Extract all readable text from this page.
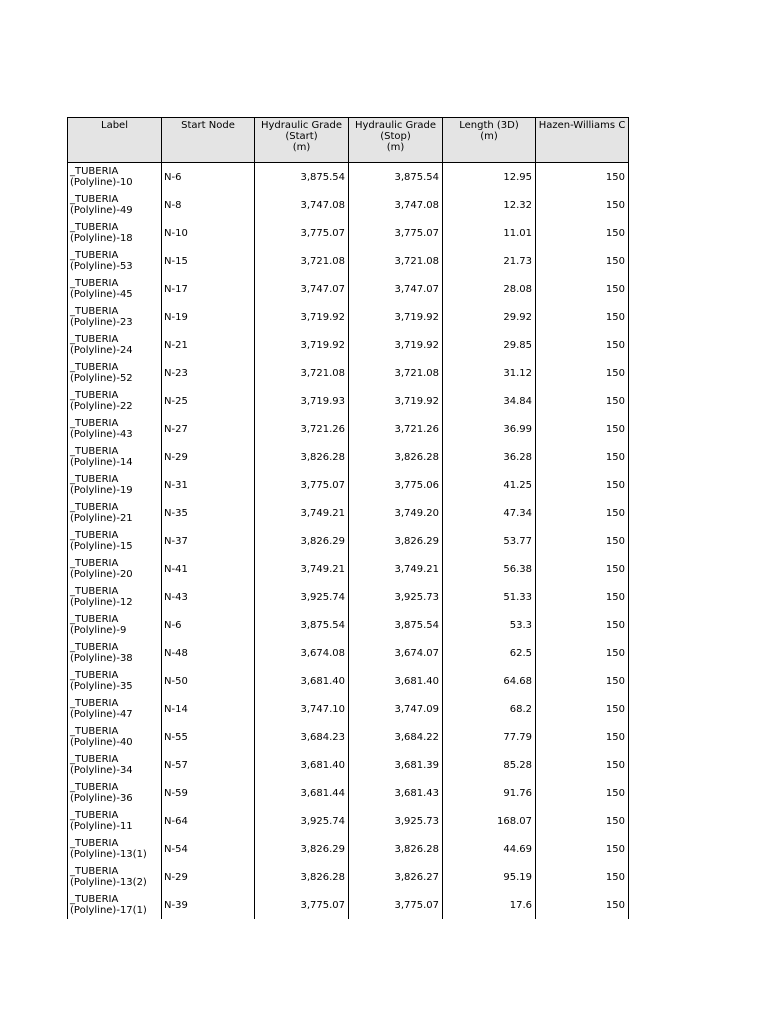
Label	Start Node	Hydraulic Grade
(Start)
(m)	Hydraulic Grade
(Stop)
(m)	Length (3D)
(m)	Hazen-Williams C
_TUBERIA
(Polyline)-10	N-6	3,875.54	3,875.54	12.95	150
_TUBERIA
(Polyline)-49	N-8	3,747.08	3,747.08	12.32	150
_TUBERIA
(Polyline)-18	N-10	3,775.07	3,775.07	11.01	150
_TUBERIA
(Polyline)-53	N-15	3,721.08	3,721.08	21.73	150
_TUBERIA
(Polyline)-45	N-17	3,747.07	3,747.07	28.08	150
_TUBERIA
(Polyline)-23	N-19	3,719.92	3,719.92	29.92	150
_TUBERIA
(Polyline)-24	N-21	3,719.92	3,719.92	29.85	150
_TUBERIA
(Polyline)-52	N-23	3,721.08	3,721.08	31.12	150
_TUBERIA
(Polyline)-22	N-25	3,719.93	3,719.92	34.84	150
_TUBERIA
(Polyline)-43	N-27	3,721.26	3,721.26	36.99	150
_TUBERIA
(Polyline)-14	N-29	3,826.28	3,826.28	36.28	150
_TUBERIA
(Polyline)-19	N-31	3,775.07	3,775.06	41.25	150
_TUBERIA
(Polyline)-21	N-35	3,749.21	3,749.20	47.34	150
_TUBERIA
(Polyline)-15	N-37	3,826.29	3,826.29	53.77	150
_TUBERIA
(Polyline)-20	N-41	3,749.21	3,749.21	56.38	150
_TUBERIA
(Polyline)-12	N-43	3,925.74	3,925.73	51.33	150
_TUBERIA
(Polyline)-9	N-6	3,875.54	3,875.54	53.3	150
_TUBERIA
(Polyline)-38	N-48	3,674.08	3,674.07	62.5	150
_TUBERIA
(Polyline)-35	N-50	3,681.40	3,681.40	64.68	150
_TUBERIA
(Polyline)-47	N-14	3,747.10	3,747.09	68.2	150
_TUBERIA
(Polyline)-40	N-55	3,684.23	3,684.22	77.79	150
_TUBERIA
(Polyline)-34	N-57	3,681.40	3,681.39	85.28	150
_TUBERIA
(Polyline)-36	N-59	3,681.44	3,681.43	91.76	150
_TUBERIA
(Polyline)-11	N-64	3,925.74	3,925.73	168.07	150
_TUBERIA
(Polyline)-13(1)	N-54	3,826.29	3,826.28	44.69	150
_TUBERIA
(Polyline)-13(2)	N-29	3,826.28	3,826.27	95.19	150
_TUBERIA
(Polyline)-17(1)	N-39	3,775.07	3,775.07	17.6	150
